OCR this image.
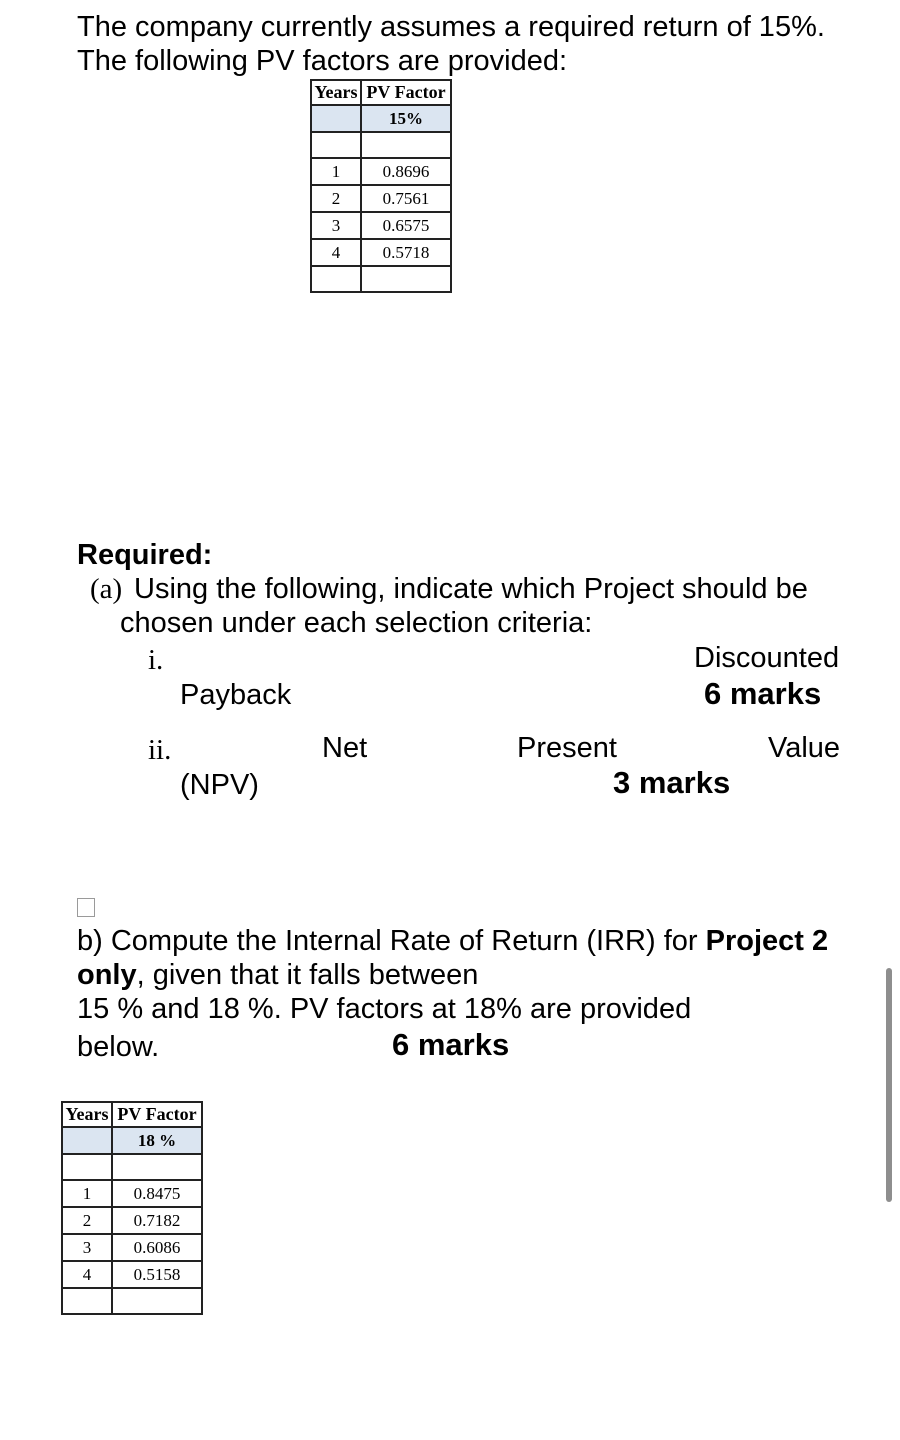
The company currently assumes a required return of 15%.
The following PV factors are provided:
Years	PV Factor
	15%

1	0.8696
2	0.7561
3	0.6575
4	0.5718

Required:
(a) Using the following, indicate which Project should be
chosen under each selection criteria:
i.	Discounted
Payback	6 marks
ii.	Net	Present	Value
(NPV)	3 marks
b) Compute the Internal Rate of Return (IRR) for Project 2
only, given that it falls between
15 % and 18 %. PV factors at 18% are provided
below.	6 marks
Years	PV Factor
	18 %

1	0.8475
2	0.7182
3	0.6086
4	0.5158
